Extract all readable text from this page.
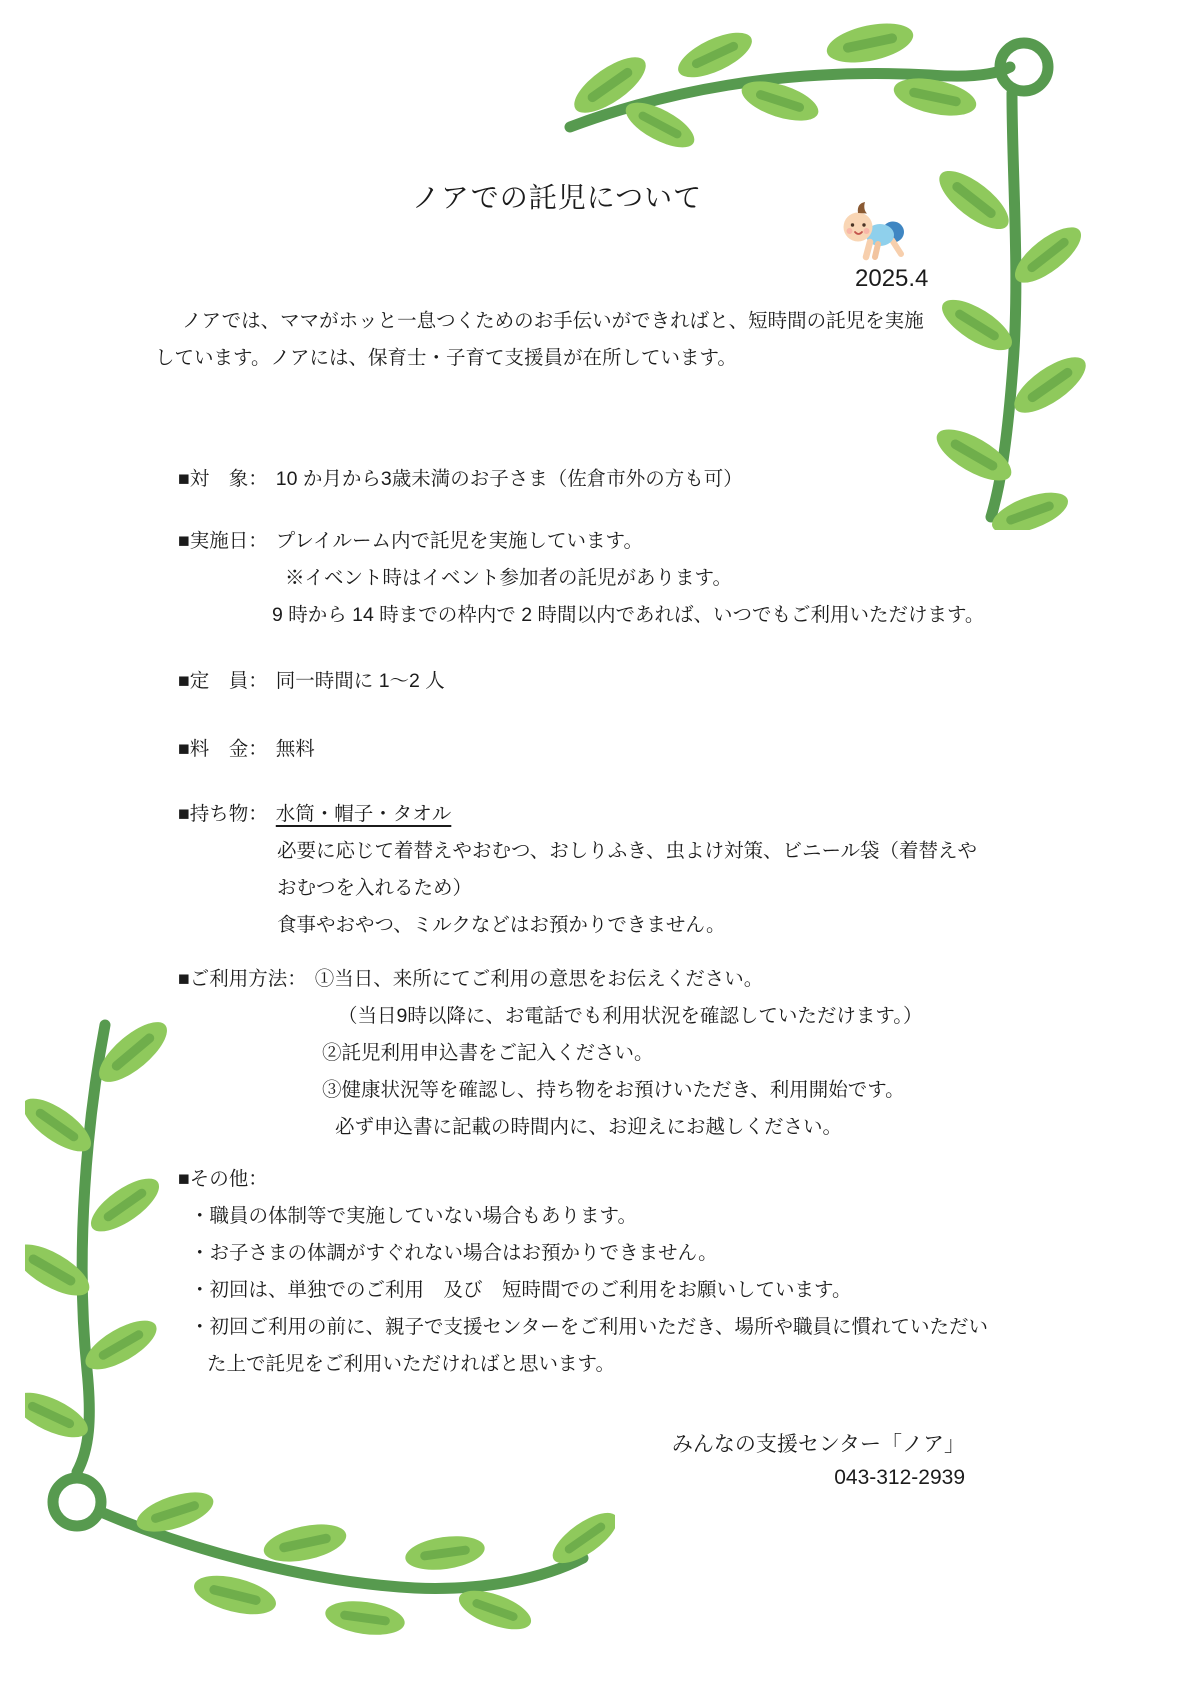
ノアでの託児について
2025.4
ノアでは、ママがホッと一息つくためのお手伝いができればと、短時間の託児を実施
しています。ノアには、保育士・子育て支援員が在所しています。
■対　象： 10 か月から3歳未満のお子さま（佐倉市外の方も可）
■実施日： プレイルーム内で託児を実施しています。
※イベント時はイベント参加者の託児があります。
9 時から 14 時までの枠内で 2 時間以内であれば、いつでもご利用いただけます。
■定　員： 同一時間に 1～2 人
■料　金： 無料
■持ち物： 水筒・帽子・タオル
必要に応じて着替えやおむつ、おしりふき、虫よけ対策、ビニール袋（着替えや
おむつを入れるため）
食事やおやつ、ミルクなどはお預かりできません。
■ご利用方法： ①当日、来所にてご利用の意思をお伝えください。
（当日9時以降に、お電話でも利用状況を確認していただけます。）
②託児利用申込書をご記入ください。
③健康状況等を確認し、持ち物をお預けいただき、利用開始です。
必ず申込書に記載の時間内に、お迎えにお越しください。
■その他：
・職員の体制等で実施していない場合もあります。
・お子さまの体調がすぐれない場合はお預かりできません。
・初回は、単独でのご利用　及び　短時間でのご利用をお願いしています。
・初回ご利用の前に、親子で支援センターをご利用いただき、場所や職員に慣れていただい
た上で託児をご利用いただければと思います。
みんなの支援センター「ノア」
043-312-2939
